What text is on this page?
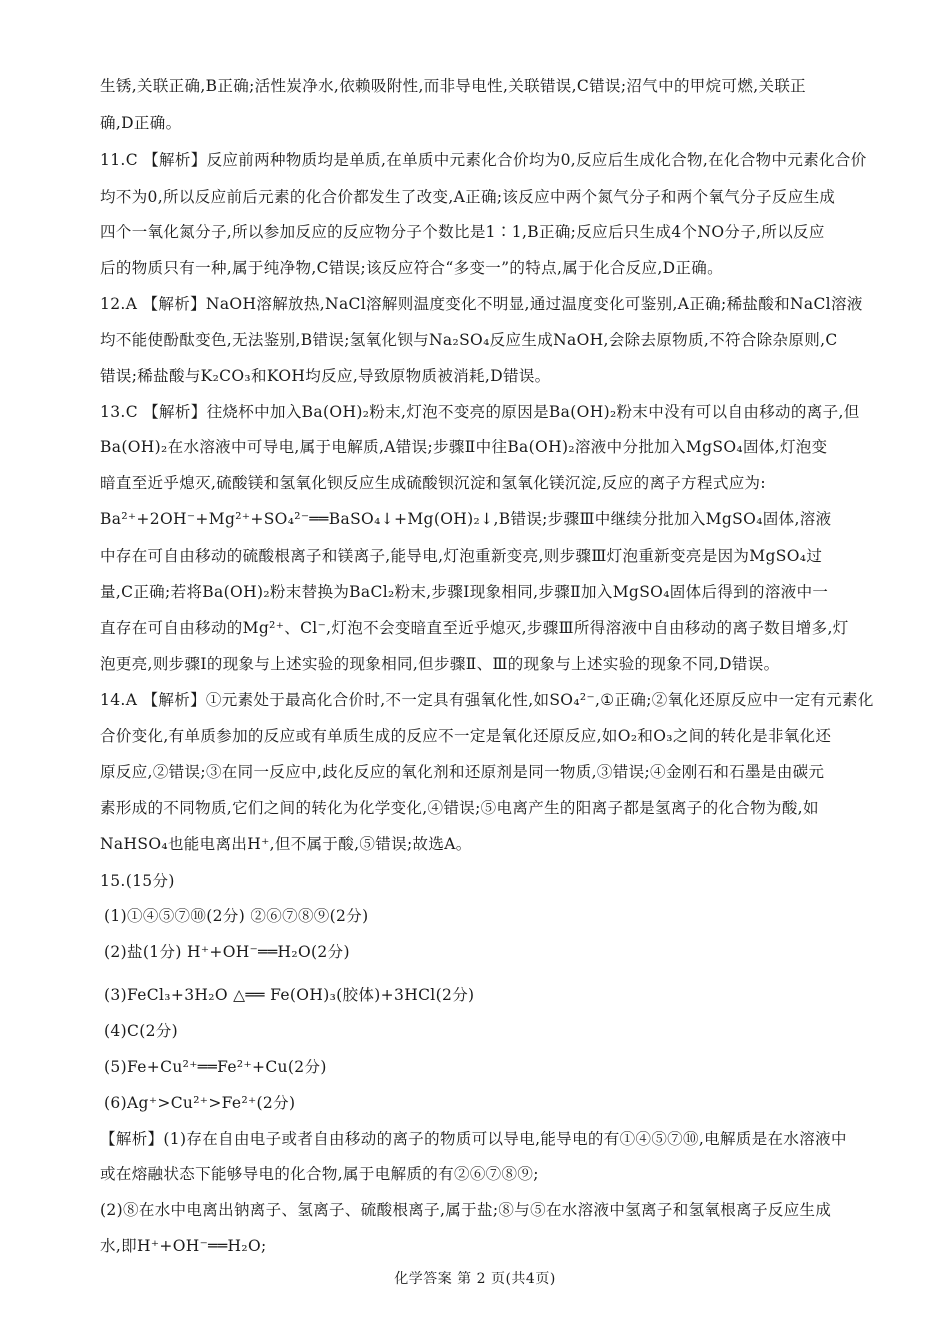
生锈,关联正确,B正确;活性炭净水,依赖吸附性,而非导电性,关联错误,C错误;沼气中的甲烷可燃,关联正
确,D正确。
11.C 【解析】反应前两种物质均是单质,在单质中元素化合价均为0,反应后生成化合物,在化合物中元素化合价
均不为0,所以反应前后元素的化合价都发生了改变,A正确;该反应中两个氮气分子和两个氧气分子反应生成
四个一氧化氮分子,所以参加反应的反应物分子个数比是1∶1,B正确;反应后只生成4个NO分子,所以反应
后的物质只有一种,属于纯净物,C错误;该反应符合“多变一”的特点,属于化合反应,D正确。
12.A 【解析】NaOH溶解放热,NaCl溶解则温度变化不明显,通过温度变化可鉴别,A正确;稀盐酸和NaCl溶液
均不能使酚酞变色,无法鉴别,B错误;氢氧化钡与Na₂SO₄反应生成NaOH,会除去原物质,不符合除杂原则,C
错误;稀盐酸与K₂CO₃和KOH均反应,导致原物质被消耗,D错误。
13.C 【解析】往烧杯中加入Ba(OH)₂粉末,灯泡不变亮的原因是Ba(OH)₂粉末中没有可以自由移动的离子,但
Ba(OH)₂在水溶液中可导电,属于电解质,A错误;步骤Ⅱ中往Ba(OH)₂溶液中分批加入MgSO₄固体,灯泡变
暗直至近乎熄灭,硫酸镁和氢氧化钡反应生成硫酸钡沉淀和氢氧化镁沉淀,反应的离子方程式应为:
Ba²⁺+2OH⁻+Mg²⁺+SO₄²⁻══BaSO₄↓+Mg(OH)₂↓,B错误;步骤Ⅲ中继续分批加入MgSO₄固体,溶液
中存在可自由移动的硫酸根离子和镁离子,能导电,灯泡重新变亮,则步骤Ⅲ灯泡重新变亮是因为MgSO₄过
量,C正确;若将Ba(OH)₂粉末替换为BaCl₂粉末,步骤Ⅰ现象相同,步骤Ⅱ加入MgSO₄固体后得到的溶液中一
直存在可自由移动的Mg²⁺、Cl⁻,灯泡不会变暗直至近乎熄灭,步骤Ⅲ所得溶液中自由移动的离子数目增多,灯
泡更亮,则步骤Ⅰ的现象与上述实验的现象相同,但步骤Ⅱ、Ⅲ的现象与上述实验的现象不同,D错误。
14.A 【解析】①元素处于最高化合价时,不一定具有强氧化性,如SO₄²⁻,①正确;②氧化还原反应中一定有元素化
合价变化,有单质参加的反应或有单质生成的反应不一定是氧化还原反应,如O₂和O₃之间的转化是非氧化还
原反应,②错误;③在同一反应中,歧化反应的氧化剂和还原剂是同一物质,③错误;④金刚石和石墨是由碳元
素形成的不同物质,它们之间的转化为化学变化,④错误;⑤电离产生的阳离子都是氢离子的化合物为酸,如
NaHSO₄也能电离出H⁺,但不属于酸,⑤错误;故选A。
15.(15分)
(1)①④⑤⑦⑩(2分) ②⑥⑦⑧⑨(2分)
(2)盐(1分) H⁺+OH⁻══H₂O(2分)
(3)FeCl₃+3H₂O △══ Fe(OH)₃(胶体)+3HCl(2分)
(4)C(2分)
(5)Fe+Cu²⁺══Fe²⁺+Cu(2分)
(6)Ag⁺>Cu²⁺>Fe²⁺(2分)
【解析】(1)存在自由电子或者自由移动的离子的物质可以导电,能导电的有①④⑤⑦⑩,电解质是在水溶液中
或在熔融状态下能够导电的化合物,属于电解质的有②⑥⑦⑧⑨;
(2)⑧在水中电离出钠离子、氢离子、硫酸根离子,属于盐;⑧与⑤在水溶液中氢离子和氢氧根离子反应生成
水,即H⁺+OH⁻══H₂O;
化学答案 第 2 页(共4页)
